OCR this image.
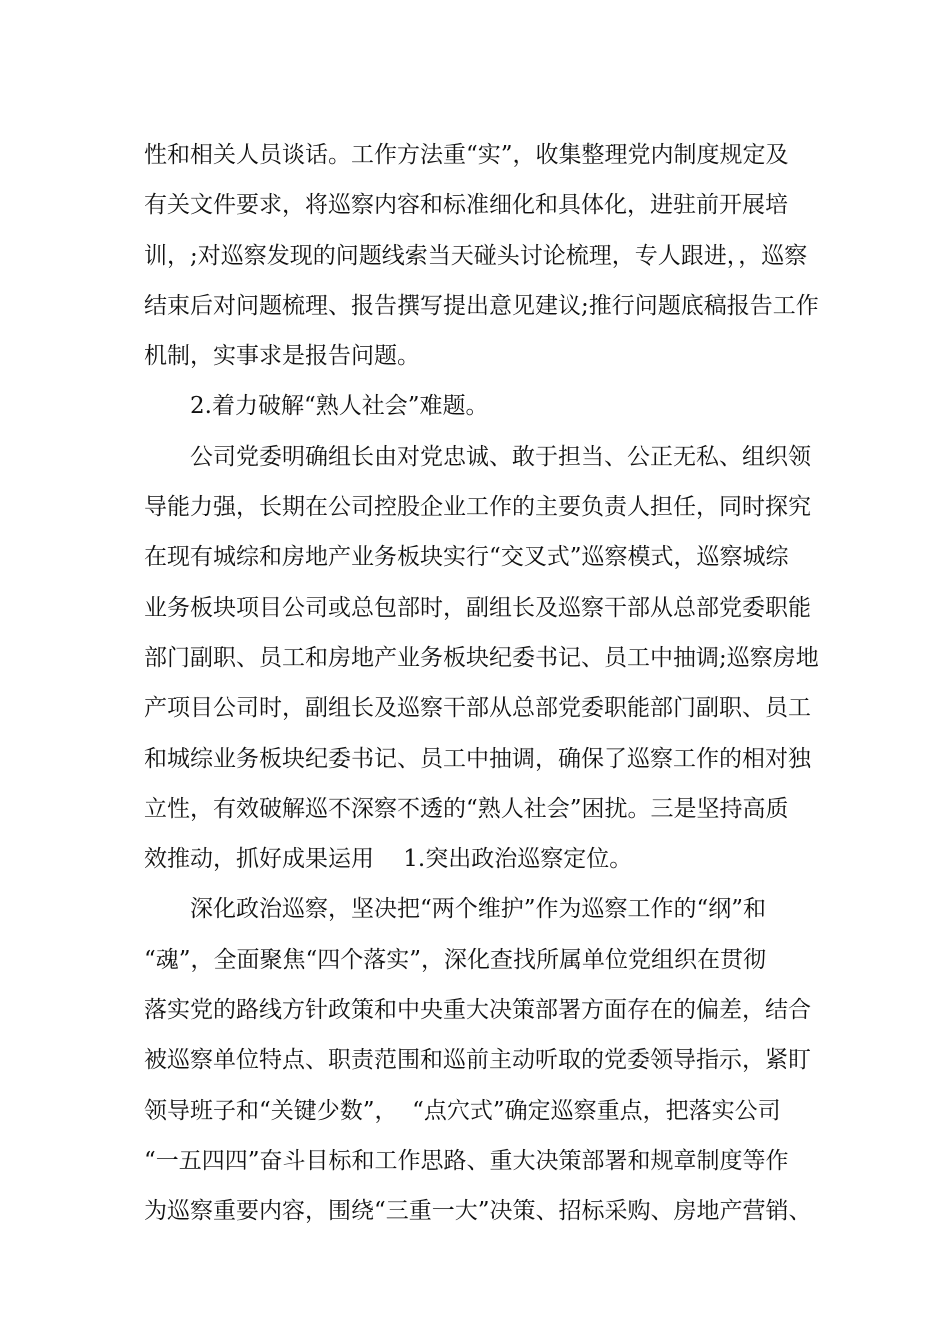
性和相关人员谈话。工作方法重“实”，收集整理党内制度规定及
有关文件要求，将巡察内容和标准细化和具体化，进驻前开展培
训，;对巡察发现的问题线索当天碰头讨论梳理，专人跟进，，巡察
结束后对问题梳理、报告撰写提出意见建议;推行问题底稿报告工作
机制，实事求是报告问题。
2.着力破解“熟人社会”难题。
公司党委明确组长由对党忠诚、敢于担当、公正无私、组织领
导能力强，长期在公司控股企业工作的主要负责人担任，同时探究
在现有城综和房地产业务板块实行“交叉式”巡察模式，巡察城综
业务板块项目公司或总包部时，副组长及巡察干部从总部党委职能
部门副职、员工和房地产业务板块纪委书记、员工中抽调;巡察房地
产项目公司时，副组长及巡察干部从总部党委职能部门副职、员工
和城综业务板块纪委书记、员工中抽调，确保了巡察工作的相对独
立性，有效破解巡不深察不透的“熟人社会”困扰。三是坚持高质
效推动，抓好成果运用    1.突出政治巡察定位。
深化政治巡察，坚决把“两个维护”作为巡察工作的“纲”和
“魂”，全面聚焦“四个落实”，深化查找所属单位党组织在贯彻
落实党的路线方针政策和中央重大决策部署方面存在的偏差，结合
被巡察单位特点、职责范围和巡前主动听取的党委领导指示，紧盯
领导班子和“关键少数”，  “点穴式”确定巡察重点，把落实公司
“一五四四”奋斗目标和工作思路、重大决策部署和规章制度等作
为巡察重要内容，围绕“三重一大”决策、招标采购、房地产营销、
